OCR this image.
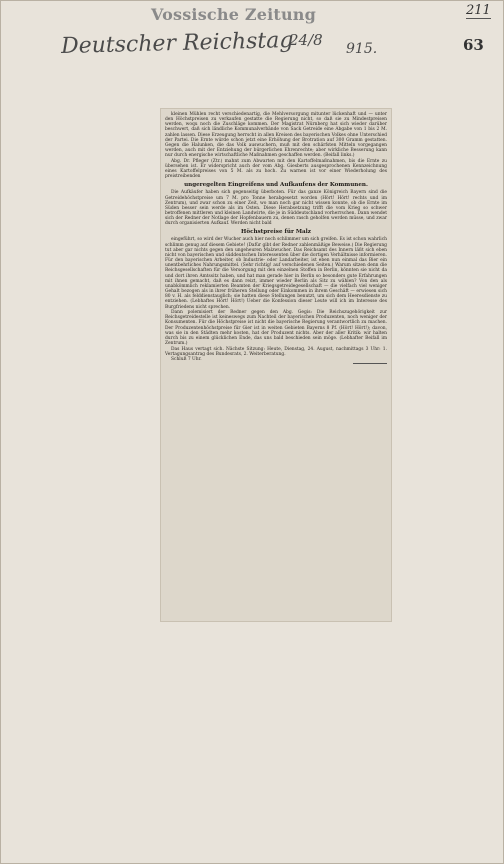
Vossische Zeitung	211
63
Deutscher Reichstag
24/8 915.

kleinen Mühlen recht verschiedenartig, die Mehlversorgung mitunter lückenhaft und — unter den Höchstpreisen zu verkaufen gestatte die Regierung nicht, so daß sie zu Mindestpreisen werden, woqu noch die Zuschläge kommen. Der Magistrat Nürnberg hat sich wieder darüber beschwert, daß sich ländliche Kommunalverbände von Sack Getreide eine Abgabe von 1 bis 2 M. zahlen lassen. Diese Erzeugung herrscht in allen Kreisen des bayerischen Volkes ohne Unterschied der Partei. Die Ernte würde schon jetzt eine Erhöhung der Brotration auf 300 Gramm gestatten. Gegen die Halunken, die das Volk auswuchern, muß mit den schärfsten Mitteln vorgegangen werden, auch mit der Entziehung der bürgerlichen Ehrenrechte; aber wirkliche Besserung kann nur durch energische wirtschaftliche Maßnahmen geschaffen werden. (Beifall links.)

Abg. Dr. Pfleger (Ztr.) mahnt zum Abwarten mit den Kartoffelmaßnahmen, bis die Ernte zu übersehen ist. Er widerspricht auch der vom Abg. Giesberts ausgesprochenen Kennzeichnung eines Kartoffelpreises von 5 M. als zu hoch. Zu warnen ist vor einer Wiederholung des preistreibenden

ungeregelten Eingreifens und Aufkaufens der Kommunen.

Die Aufkäufer haben sich gegenseitig überboten. Für das ganze Königreich Bayern sind die Getreidehöchstpreise um 7 M. pro Tonne herabgesetzt worden (Hört! Hört! rechts und im Zentrum), und zwar schon zu einer Zeit, wo man noch gar nicht wissen konnte, ob die Ernte im Süden besser sein werde als im Osten. Diese Herabsetzung trifft die vom Krieg so schwer betroffenen mittleren und kleinen Landwirte, die je in Süddeutschland vorherrschen. Dann wendet sich der Redner der Notlage der Hopfenbauern zu, denen rasch geholfen werden müsse, und zwar durch organisierten Aufkauf. Werden nicht bald

Höchstpreise für Malz

eingeführt, so wird der Wucher auch hier noch schlimmer um sich greifen. Es ist schon wahrlich schlimm genug auf diesem Gebiete! (Dafür gibt der Redner zahlenmäßige Beweise.) Die Regierung tut aber gar nichts gegen den ungeheuren Malzwucher. Das Reichsamt des Innern läßt sich eben nicht von bayerischen und süddeutschen Interessenten über die dortigen Verhältnisse informieren. Für den bayerischen Arbeiter, ob Industrie- oder Landarbeiter, ist eben nun einmal das Bier ein unentbehrliches Nahrungsmittel. (Sehr richtig! auf verschiedenen Seiten.) Warum sitzen denn die Reichsgesellschaften für die Versorgung mit den einzelnen Stoffen in Berlin, könnten sie nicht da und dort ihren Amtssitz haben, und hat man gerade hier in Berlin so besonders gute Erfahrungen mit ihnen gemacht, daß es dann reizt, immer wieder Berlin als Sitz zu wählen? Von den als unabkömmlich reklamierten Beamten der Kriegsgetreidegesellschaft — die vielfach viel weniger Gehalt bezogen als in ihrer früheren Stellung oder Einkommen in ihrem Geschäft — erwiesen sich 80 v. H. als felddienstauglich; sie hatten diese Stellungen benutzt, um sich dem Heeresdienste zu entziehen. (Lebhaftes Hört! Hört!) Ueber die Konfession dieser Leute will ich im Interesse des Burgfriedens nicht sprechen.

Dann polemisiert der Redner gegen den Abg. Gegis: Die Reichszugehörigkeit zur Reichsgetreidestelle ist keineswegs zum Nachteil der bayerischen Produzenten, noch weniger der Konsumenten. Für die Höchstpreise ist nicht die bayerische Regierung verantwortlich zu machen. Der Produzentenhöchstpreise für Gier ist in weiten Gebieten Bayerns 8 Pf. (Hört! Hört!); davon, was sie in den Städten mehr kosten, hat der Produzent nichts. Aber der aller Kritik: wir halten durch bis zu einem glücklichen Ende, das uns bald beschieden sein möge. (Lebhafter Beifall im Zentrum.)

Das Haus vertagt sich. Nächste Sitzung: Heute, Dienstag, 24. August, nachmittags 3 Uhr: 1. Vertagungsantrag des Bundesrats, 2. Weiterberatung.

Schluß 7 Uhr.
